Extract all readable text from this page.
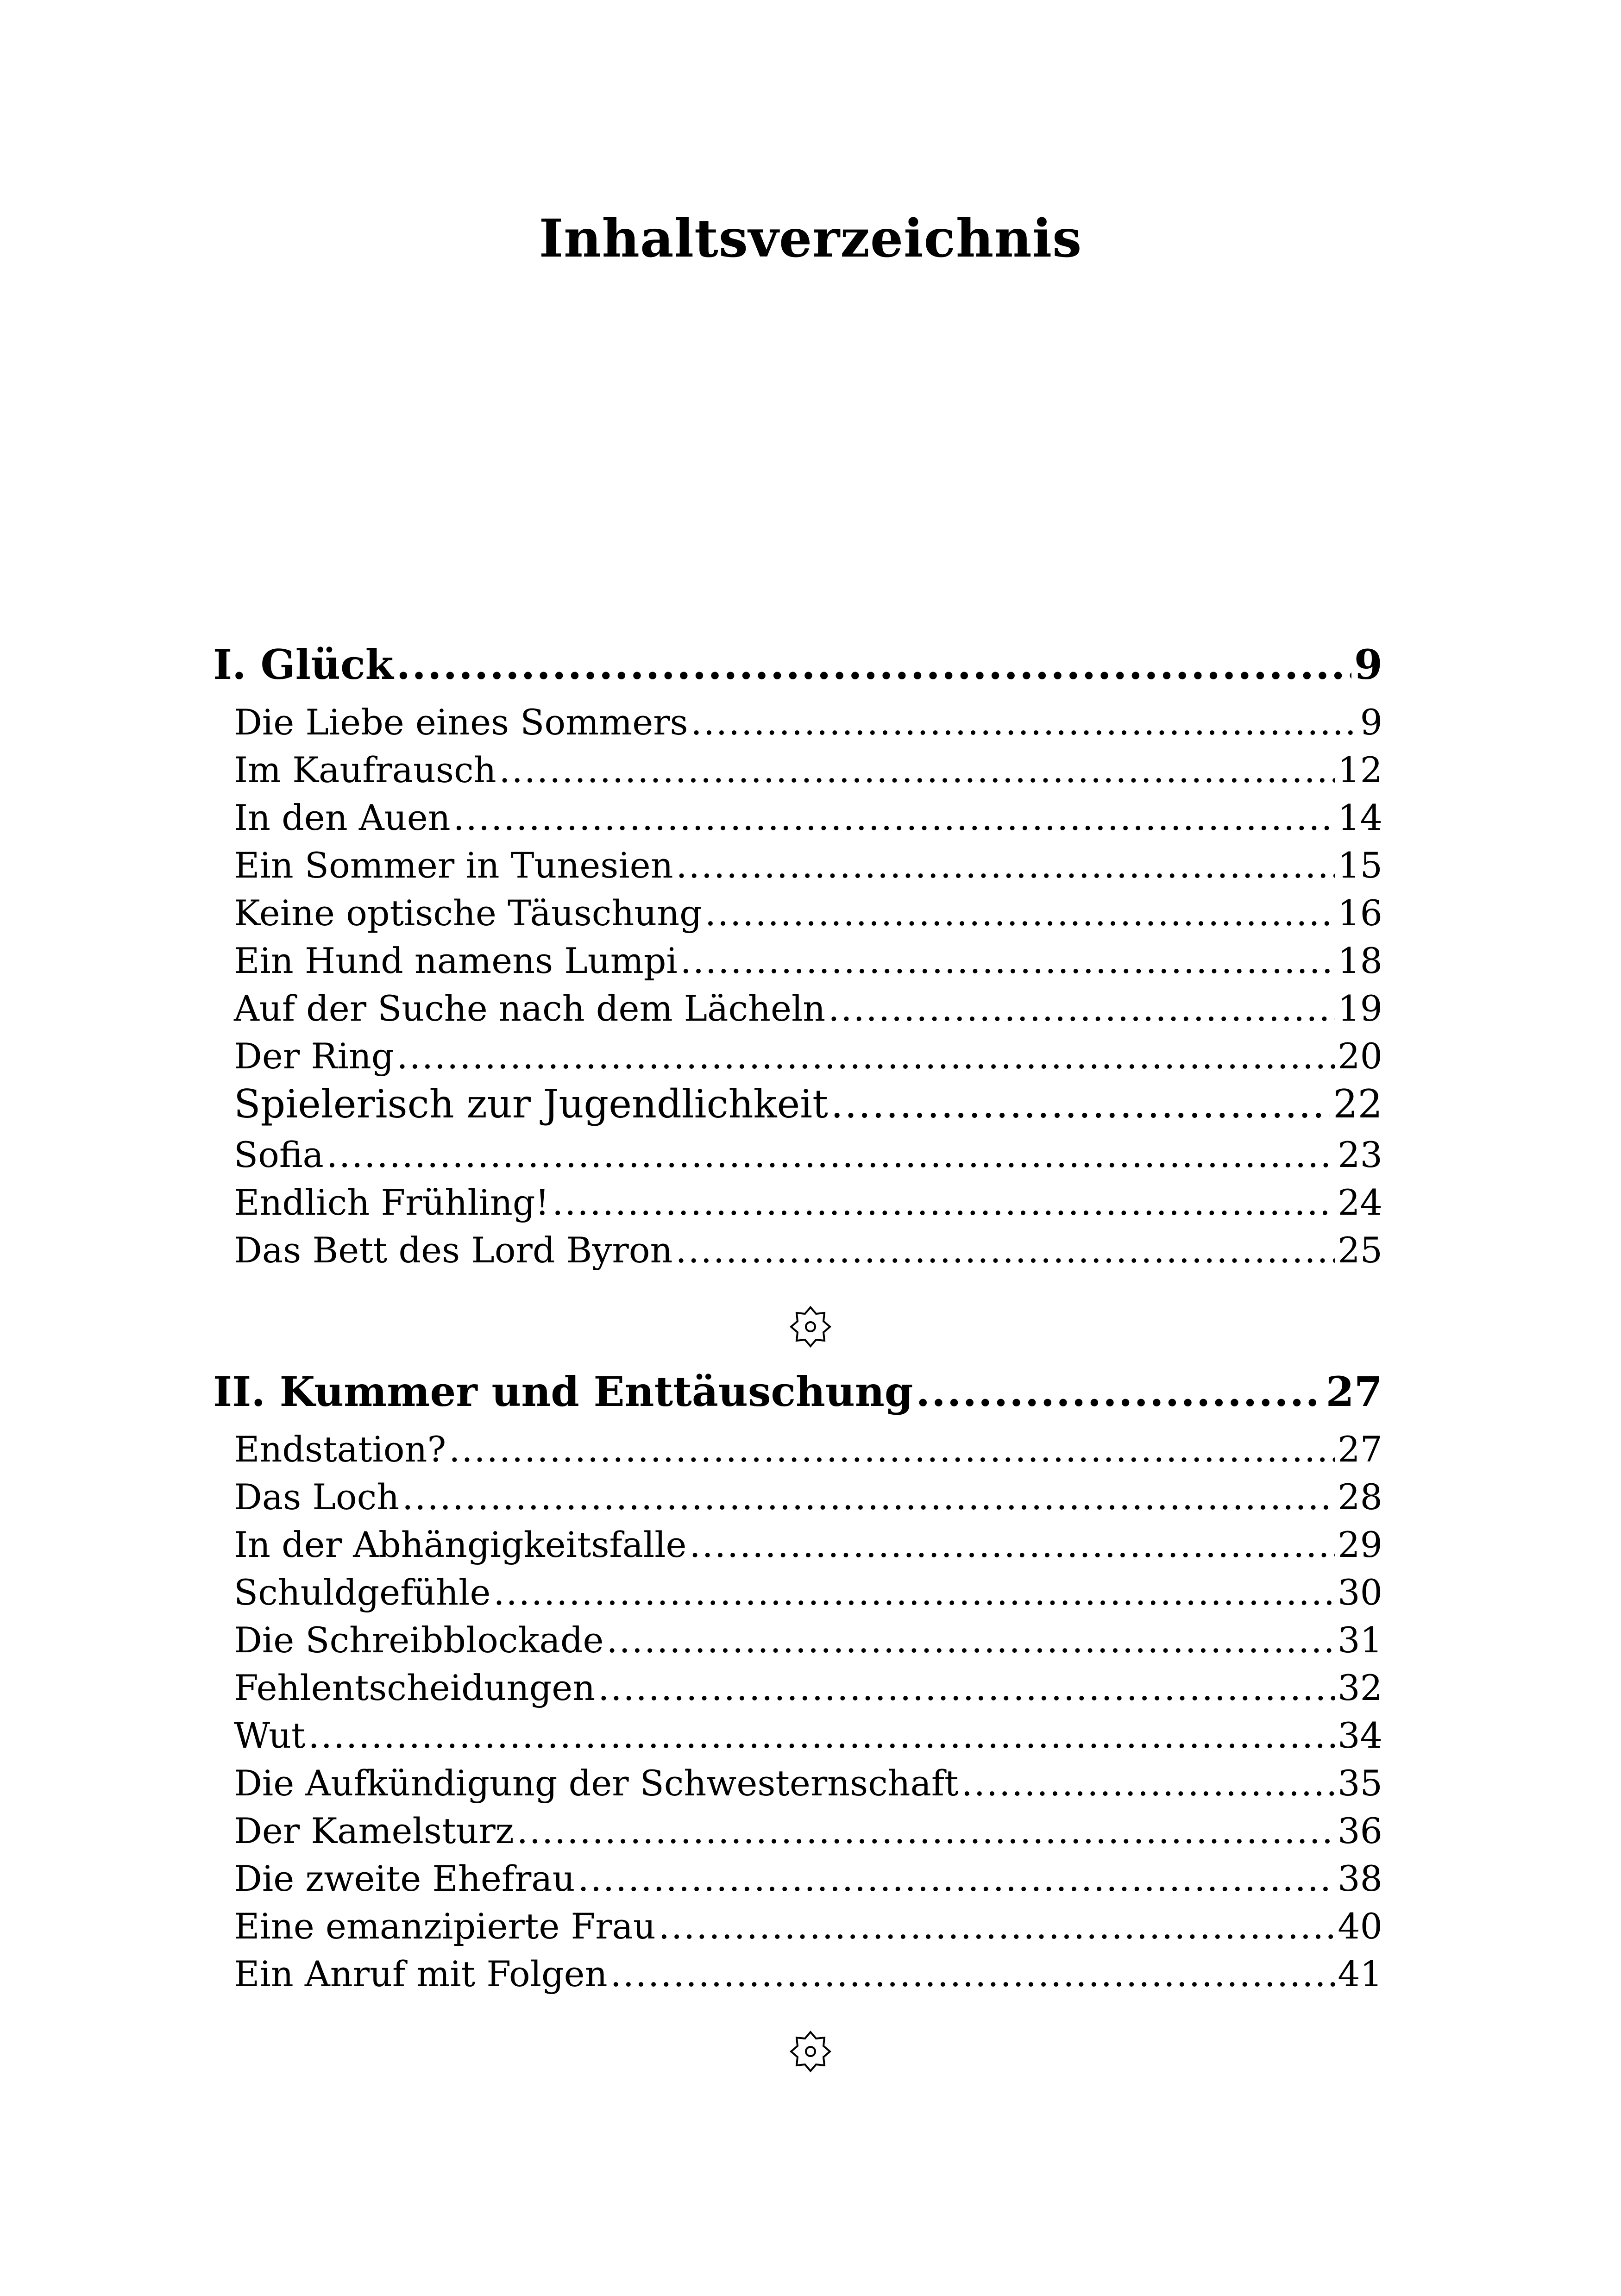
Inhaltsverzeichnis
I. Glück .....	9
Die Liebe eines Sommers .....	9
Im Kaufrausch .....	12
In den Auen .....	14
Ein Sommer in Tunesien .....	15
Keine optische Täuschung .....	16
Ein Hund namens Lumpi .....	18
Auf der Suche nach dem Lächeln .....	19
Der Ring .....	20
Spielerisch zur Jugendlichkeit .....	22
Sofia .....	23
Endlich Frühling! .....	24
Das Bett des Lord Byron .....	25
II. Kummer und Enttäuschung .....	27
Endstation? .....	27
Das Loch .....	28
In der Abhängigkeitsfalle .....	29
Schuldgefühle .....	30
Die Schreibblockade .....	31
Fehlentscheidungen .....	32
Wut .....	34
Die Aufkündigung der Schwesternschaft .....	35
Der Kamelsturz .....	36
Die zweite Ehefrau .....	38
Eine emanzipierte Frau .....	40
Ein Anruf mit Folgen .....	41
